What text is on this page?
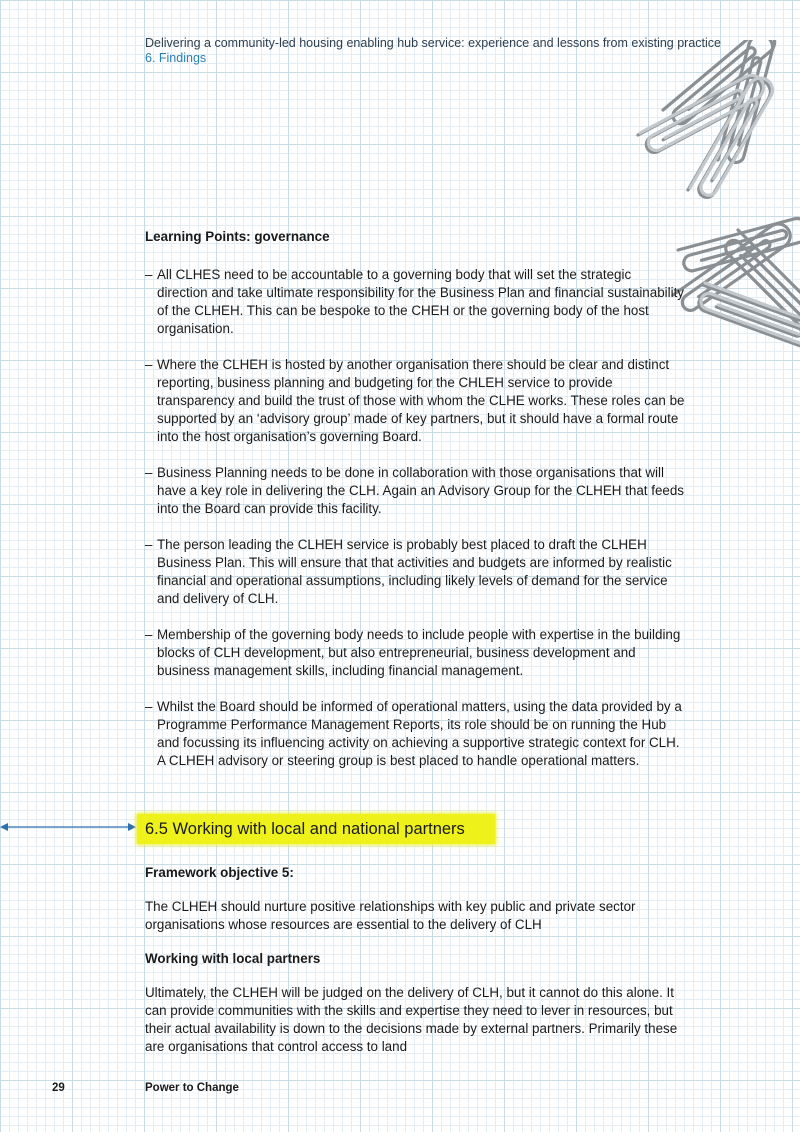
Delivering a community-led housing enabling hub service: experience and lessons from existing practice
6. Findings
Learning Points: governance
– All CLHES need to be accountable to a governing body that will set the strategic direction and take ultimate responsibility for the Business Plan and financial sustainability of the CLHEH. This can be bespoke to the CHEH or the governing body of the host organisation.
– Where the CLHEH is hosted by another organisation there should be clear and distinct reporting, business planning and budgeting for the CHLEH service to provide transparency and build the trust of those with whom the CLHE works. These roles can be supported by an ‘advisory group’ made of key partners, but it should have a formal route into the host organisation’s governing Board.
– Business Planning needs to be done in collaboration with those organisations that will have a key role in delivering the CLH. Again an Advisory Group for the CLHEH that feeds into the Board can provide this facility.
– The person leading the CLHEH service is probably best placed to draft the CLHEH Business Plan. This will ensure that that activities and budgets are informed by realistic financial and operational assumptions, including likely levels of demand for the service and delivery of CLH.
– Membership of the governing body needs to include people with expertise in the building blocks of CLH development, but also entrepreneurial, business development and business management skills, including financial management.
– Whilst the Board should be informed of operational matters, using the data provided by a Programme Performance Management Reports, its role should be on running the Hub and focussing its influencing activity on achieving a supportive strategic context for CLH. A CLHEH advisory or steering group is best placed to handle operational matters.
6.5 Working with local and national partners

Framework objective 5:

The CLHEH should nurture positive relationships with key public and private sector organisations whose resources are essential to the delivery of CLH

Working with local partners

Ultimately, the CLHEH will be judged on the delivery of CLH, but it cannot do this alone. It can provide communities with the skills and expertise they need to lever in resources, but their actual availability is down to the decisions made by external partners. Primarily these are organisations that control access to land

29	Power to Change
